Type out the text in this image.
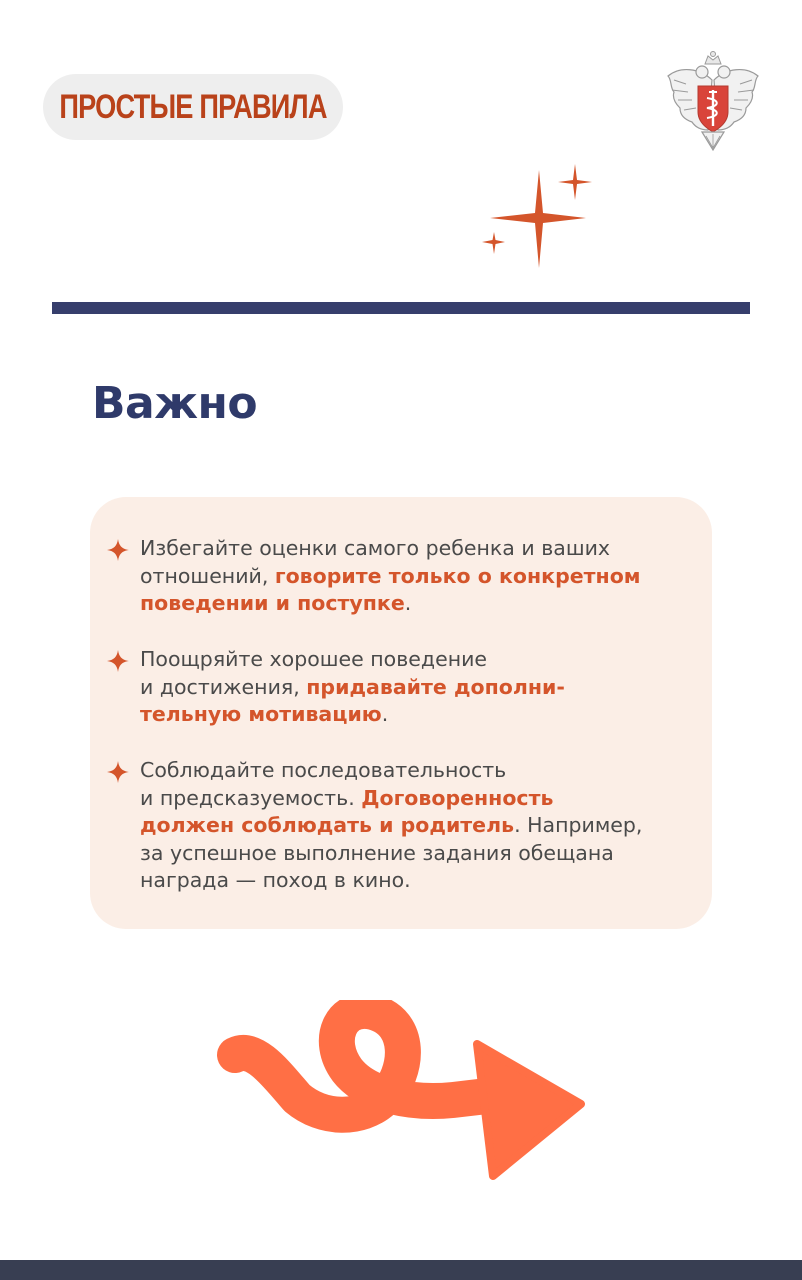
ПРОСТЫЕ ПРАВИЛА
Важно

Избегайте оценки самого ребенка и ваших
отношений, говорите только о конкретном
поведении и поступке.

Поощряйте хорошее поведение
и достижения, придавайте дополни-
тельную мотивацию.

Соблюдайте последовательность
и предсказуемость. Договоренность
должен соблюдать и родитель. Например,
за успешное выполнение задания обещана
награда — поход в кино.
